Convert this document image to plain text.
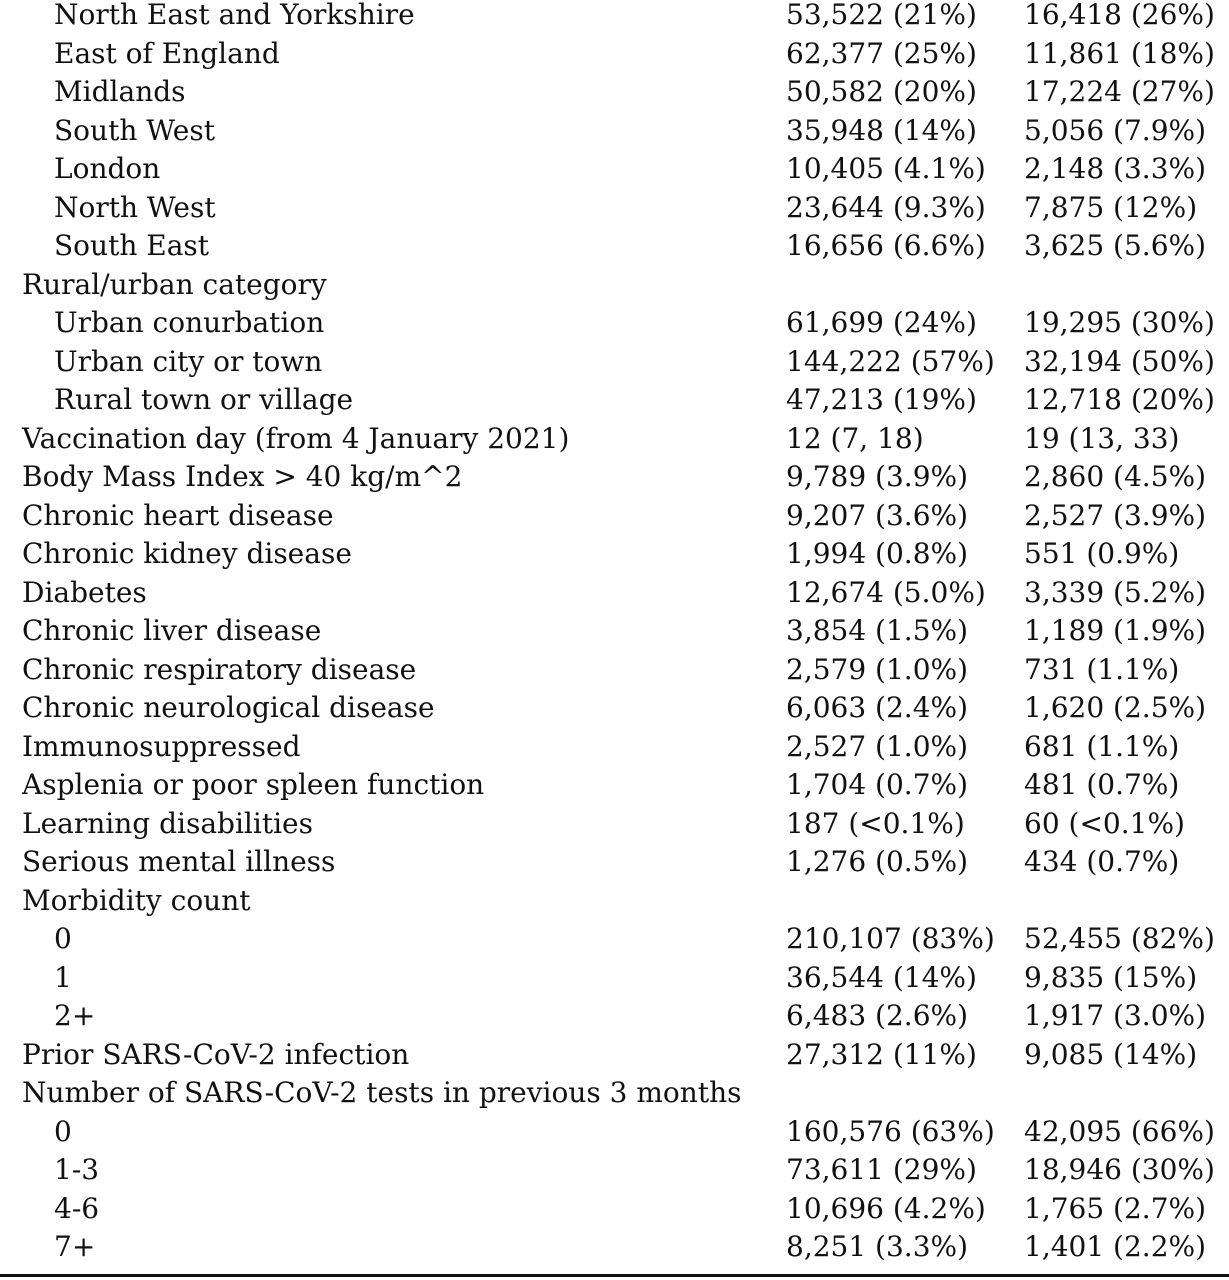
North East and Yorkshire	53,522 (21%) 16,418 (26%)
East of England	62,377 (25%) 11,861 (18%)
Midlands	50,582 (20%) 17,224 (27%)
South West	35,948 (14%) 5,056 (7.9%)
London	10,405 (4.1%) 2,148 (3.3%)
North West	23,644 (9.3%) 7,875 (12%)
South East	16,656 (6.6%) 3,625 (5.6%)
Rural/urban category
Urban conurbation	61,699 (24%) 19,295 (30%)
Urban city or town	144,222 (57%) 32,194 (50%)
Rural town or village	47,213 (19%) 12,718 (20%)
Vaccination day (from 4 January 2021)	12 (7, 18)	19 (13, 33)
Body Mass Index > 40 kg/m^2	9,789 (3.9%) 2,860 (4.5%)
Chronic heart disease	9,207 (3.6%) 2,527 (3.9%)
Chronic kidney disease	1,994 (0.8%) 551 (0.9%)
Diabetes	12,674 (5.0%) 3,339 (5.2%)
Chronic liver disease	3,854 (1.5%) 1,189 (1.9%)
Chronic respiratory disease	2,579 (1.0%) 731 (1.1%)
Chronic neurological disease	6,063 (2.4%) 1,620 (2.5%)
Immunosuppressed	2,527 (1.0%) 681 (1.1%)
Asplenia or poor spleen function	1,704 (0.7%) 481 (0.7%)
Learning disabilities	187 (<0.1%) 60 (<0.1%)
Serious mental illness	1,276 (0.5%) 434 (0.7%)
Morbidity count
0	210,107 (83%) 52,455 (82%)
1	36,544 (14%) 9,835 (15%)
2+	6,483 (2.6%) 1,917 (3.0%)
Prior SARS-CoV-2 infection	27,312 (11%) 9,085 (14%)
Number of SARS-CoV-2 tests in previous 3 months
0	160,576 (63%) 42,095 (66%)
1-3	73,611 (29%) 18,946 (30%)
4-6	10,696 (4.2%) 1,765 (2.7%)
7+	8,251 (3.3%) 1,401 (2.2%)
